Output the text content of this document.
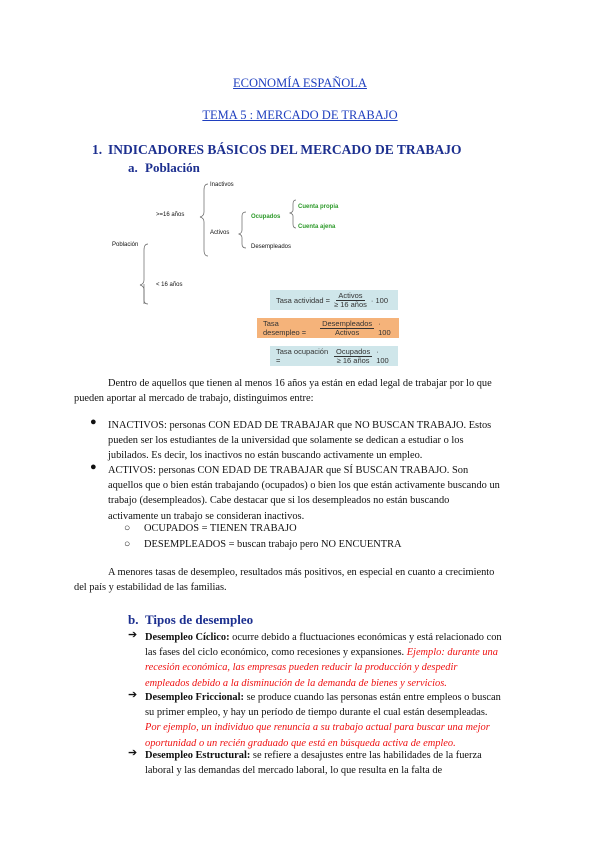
ECONOMÍA ESPAÑOLA
TEMA 5 : MERCADO DE TRABAJO
1. INDICADORES BÁSICOS DEL MERCADO DE TRABAJO
a. Población
Población
>=16 años
< 16 años
Inactivos
Activos
Ocupados
Desempleados
Cuenta propia
Cuenta ajena
Tasa actividad = $\frac{\text{Activos}}{\text{≥ 16 años}} \cdot 100$
Tasa desempleo =	$\frac{\text{Desempleados}}{\text{Activos}} \cdot 100$
Tasa ocupación =	$\frac{\text{Ocupados}}{\text{≥ 16 años}} \cdot 100$
Dentro de aquellos que tienen al menos 16 años ya están en edad legal de trabajar por lo que
pueden aportar al mercado de trabajo, distinguimos entre:
● INACTIVOS: personas CON EDAD DE TRABAJAR que NO BUSCAN TRABAJO. Estos
pueden ser los estudiantes de la universidad que solamente se dedican a estudiar o los
jubilados. Es decir, los inactivos no están buscando activamente un empleo.
● ACTIVOS: personas CON EDAD DE TRABAJAR que SÍ BUSCAN TRABAJO. Son
aquellos que o bien están trabajando (ocupados) o bien los que están activamente buscando un
trabajo (desempleados). Cabe destacar que si los desempleados no están buscando
activamente un trabajo se consideran inactivos.
○ OCUPADOS = TIENEN TRABAJO
○ DESEMPLEADOS = buscan trabajo pero NO ENCUENTRA
A menores tasas de desempleo, resultados más positivos, en especial en cuanto a crecimiento
del país y estabilidad de las familias.
b. Tipos de desempleo
➔ Desempleo Cíclico: ocurre debido a fluctuaciones económicas y está relacionado con
las fases del ciclo económico, como recesiones y expansiones. Ejemplo: durante una
recesión económica, las empresas pueden reducir la producción y despedir
empleados debido a la disminución de la demanda de bienes y servicios.
➔ Desempleo Friccional: se produce cuando las personas están entre empleos o buscan
su primer empleo, y hay un período de tiempo durante el cual están desempleadas.
Por ejemplo, un individuo que renuncia a su trabajo actual para buscar una mejor
oportunidad o un recién graduado que está en búsqueda activa de empleo.
➔ Desempleo Estructural: se refiere a desajustes entre las habilidades de la fuerza
laboral y las demandas del mercado laboral, lo que resulta en la falta de
